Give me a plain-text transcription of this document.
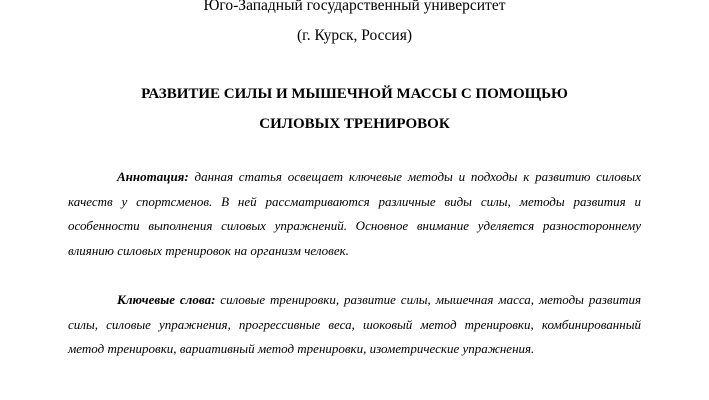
Юго-Западный государственный университет
(г. Курск, Россия)
РАЗВИТИЕ СИЛЫ И МЫШЕЧНОЙ МАССЫ С ПОМОЩЬЮ
СИЛОВЫХ ТРЕНИРОВОК

Аннотация: данная статья освещает ключевые методы и подходы к развитию силовых качеств у спортсменов. В ней рассматриваются различные виды силы, методы развития и особенности выполнения силовых упражнений. Основное внимание уделяется разностороннему влиянию силовых тренировок на организм человек.

Ключевые слова: силовые тренировки, развитие силы, мышечная масса, методы развития силы, силовые упражнения, прогрессивные веса, шоковый метод тренировки, комбинированный метод тренировки, вариативный метод тренировки, изометрические упражнения.
